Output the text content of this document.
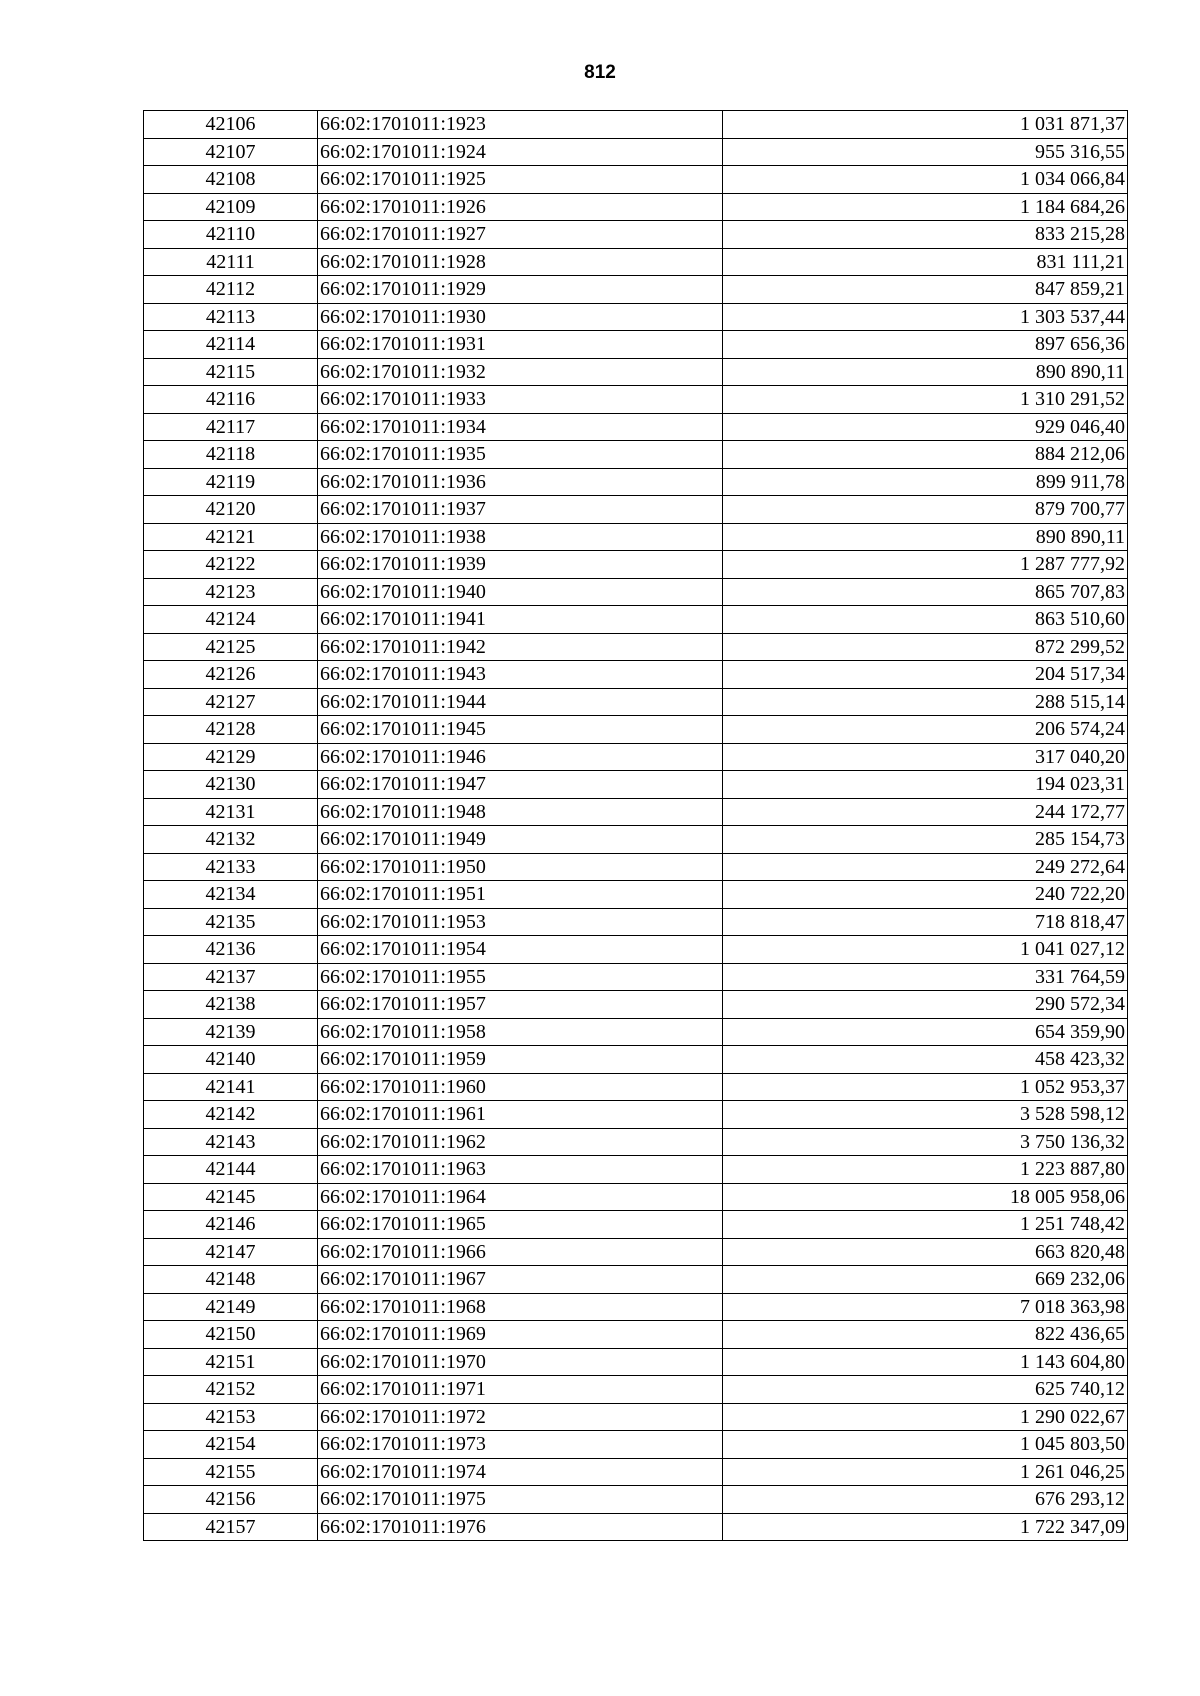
812
42106	66:02:1701011:1923	1 031 871,37
42107	66:02:1701011:1924	955 316,55
42108	66:02:1701011:1925	1 034 066,84
42109	66:02:1701011:1926	1 184 684,26
42110	66:02:1701011:1927	833 215,28
42111	66:02:1701011:1928	831 111,21
42112	66:02:1701011:1929	847 859,21
42113	66:02:1701011:1930	1 303 537,44
42114	66:02:1701011:1931	897 656,36
42115	66:02:1701011:1932	890 890,11
42116	66:02:1701011:1933	1 310 291,52
42117	66:02:1701011:1934	929 046,40
42118	66:02:1701011:1935	884 212,06
42119	66:02:1701011:1936	899 911,78
42120	66:02:1701011:1937	879 700,77
42121	66:02:1701011:1938	890 890,11
42122	66:02:1701011:1939	1 287 777,92
42123	66:02:1701011:1940	865 707,83
42124	66:02:1701011:1941	863 510,60
42125	66:02:1701011:1942	872 299,52
42126	66:02:1701011:1943	204 517,34
42127	66:02:1701011:1944	288 515,14
42128	66:02:1701011:1945	206 574,24
42129	66:02:1701011:1946	317 040,20
42130	66:02:1701011:1947	194 023,31
42131	66:02:1701011:1948	244 172,77
42132	66:02:1701011:1949	285 154,73
42133	66:02:1701011:1950	249 272,64
42134	66:02:1701011:1951	240 722,20
42135	66:02:1701011:1953	718 818,47
42136	66:02:1701011:1954	1 041 027,12
42137	66:02:1701011:1955	331 764,59
42138	66:02:1701011:1957	290 572,34
42139	66:02:1701011:1958	654 359,90
42140	66:02:1701011:1959	458 423,32
42141	66:02:1701011:1960	1 052 953,37
42142	66:02:1701011:1961	3 528 598,12
42143	66:02:1701011:1962	3 750 136,32
42144	66:02:1701011:1963	1 223 887,80
42145	66:02:1701011:1964	18 005 958,06
42146	66:02:1701011:1965	1 251 748,42
42147	66:02:1701011:1966	663 820,48
42148	66:02:1701011:1967	669 232,06
42149	66:02:1701011:1968	7 018 363,98
42150	66:02:1701011:1969	822 436,65
42151	66:02:1701011:1970	1 143 604,80
42152	66:02:1701011:1971	625 740,12
42153	66:02:1701011:1972	1 290 022,67
42154	66:02:1701011:1973	1 045 803,50
42155	66:02:1701011:1974	1 261 046,25
42156	66:02:1701011:1975	676 293,12
42157	66:02:1701011:1976	1 722 347,09
